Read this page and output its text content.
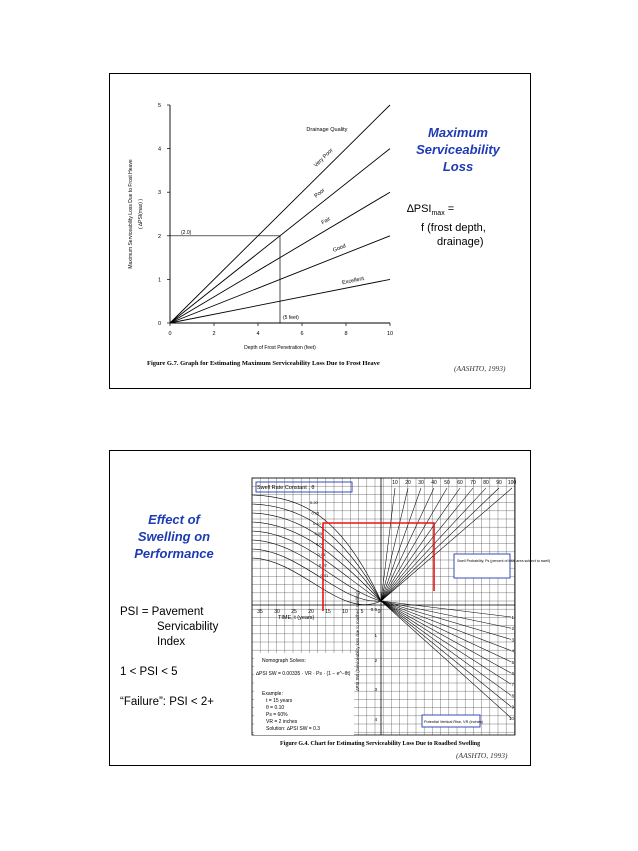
0	2	4	6	8	10
0
1
2
3
4
5
Depth of Frost Penetration (feet)
Maximum Serviceability Loss Due to Frost Heave ( ∆PSI(max) )
Drainage Quality
Very Poor
Poor
Fair
Good
Excellent
(2.0)
(5 feet)
Maximum
Serviceability
Loss
$\Delta PSI_{max}$ =
f (frost depth,
drainage)
Figure G.7. Graph for Estimating Maximum Serviceability Loss Due to Frost Heave
(AASHTO, 1993)
Effect of
Swelling on
Performance
PSI = Pavement
Servicability
Index
1 < PSI < 5
“Failure”: PSI < 2+
0.20
0.15
0.10
0.05
0.04
0.03
0.02
0.01
10 20 30 40 50 60 70 80 90 100
1
2
3
4
5
6
7
8
9
10
35 30 25 20 15 10	5	0
0.5
1
2
3
4
Swell Rate Constant , θ
Swell Probability, Ps (percent of total area subject to swell)
Potential Vertical Rise, VR (inches)
∆PSI SW (Serviceability loss due to roadbed swelling)
TIME, t (years)
Nomograph Solves:
∆PSI SW = 0.00335 · VR · Ps · (1 − e^−θt)
Example:
t = 15 years
θ = 0.10
Ps = 60%
VR = 2 inches
Solution: ∆PSI SW = 0.3
Figure G.4. Chart for Estimating Serviceability Loss Due to Roadbed Swelling
(AASHTO, 1993)
